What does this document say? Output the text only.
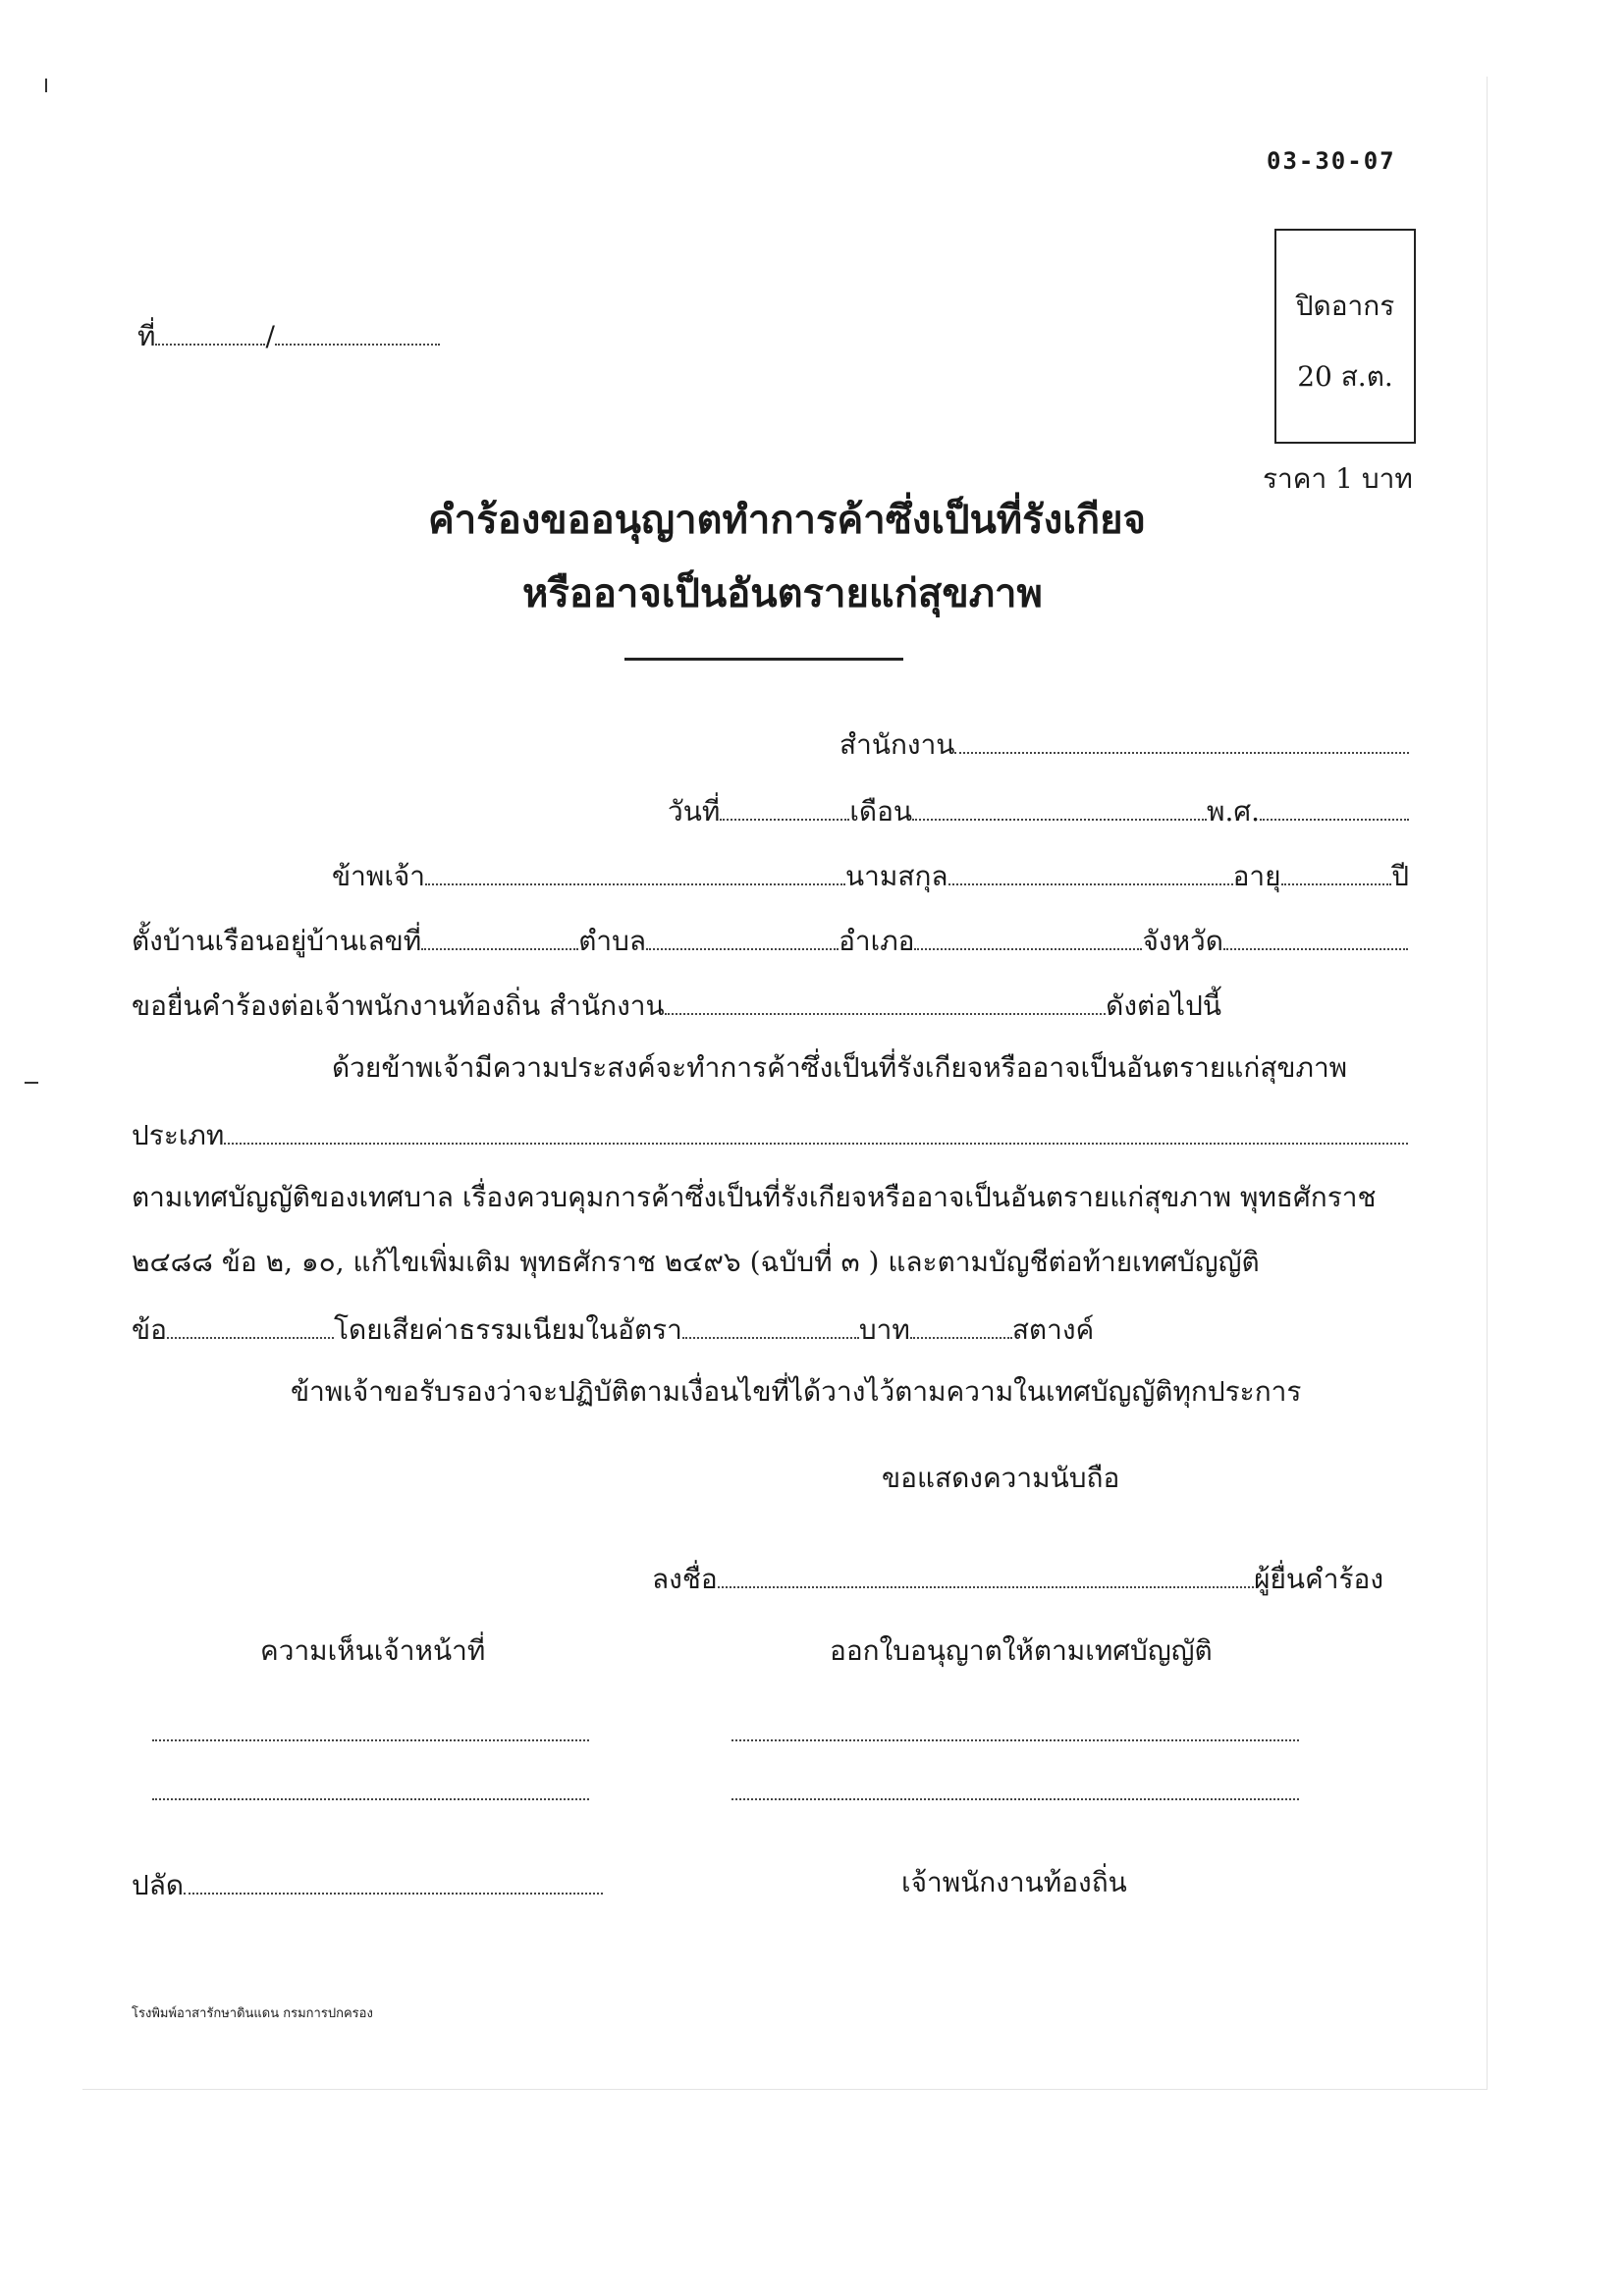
03-30-07
ที่	/
ปิดอากร
20 ส.ต.
ราคา 1 บาท
คำร้องขออนุญาตทำการค้าซึ่งเป็นที่รังเกียจ
หรืออาจเป็นอันตรายแก่สุขภาพ
สำนักงาน
วันที่	เดือน	พ.ศ.
ข้าพเจ้า	นามสกุล	อายุ	ปี
ตั้งบ้านเรือนอยู่บ้านเลขที่	ตำบล	อำเภอ	จังหวัด
ขอยื่นคำร้องต่อเจ้าพนักงานท้องถิ่น สำนักงาน	ดังต่อไปนี้
ด้วยข้าพเจ้ามีความประสงค์จะทำการค้าซึ่งเป็นที่รังเกียจหรืออาจเป็นอันตรายแก่สุขภาพ
ประเภท
ตามเทศบัญญัติของเทศบาล เรื่องควบคุมการค้าซึ่งเป็นที่รังเกียจหรืออาจเป็นอันตรายแก่สุขภาพ พุทธศักราช
๒๔๘๘ ข้อ ๒, ๑๐, แก้ไขเพิ่มเติม พุทธศักราช ๒๔๙๖ (ฉบับที่ ๓ ) และตามบัญชีต่อท้ายเทศบัญญัติ
ข้อ	โดยเสียค่าธรรมเนียมในอัตรา	บาท	สตางค์
ข้าพเจ้าขอรับรองว่าจะปฏิบัติตามเงื่อนไขที่ได้วางไว้ตามความในเทศบัญญัติทุกประการ
ขอแสดงความนับถือ
ลงชื่อ	ผู้ยื่นคำร้อง
ความเห็นเจ้าหน้าที่	ออกใบอนุญาตให้ตามเทศบัญญัติ
ปลัด	เจ้าพนักงานท้องถิ่น
โรงพิมพ์อาสารักษาดินแดน กรมการปกครอง
